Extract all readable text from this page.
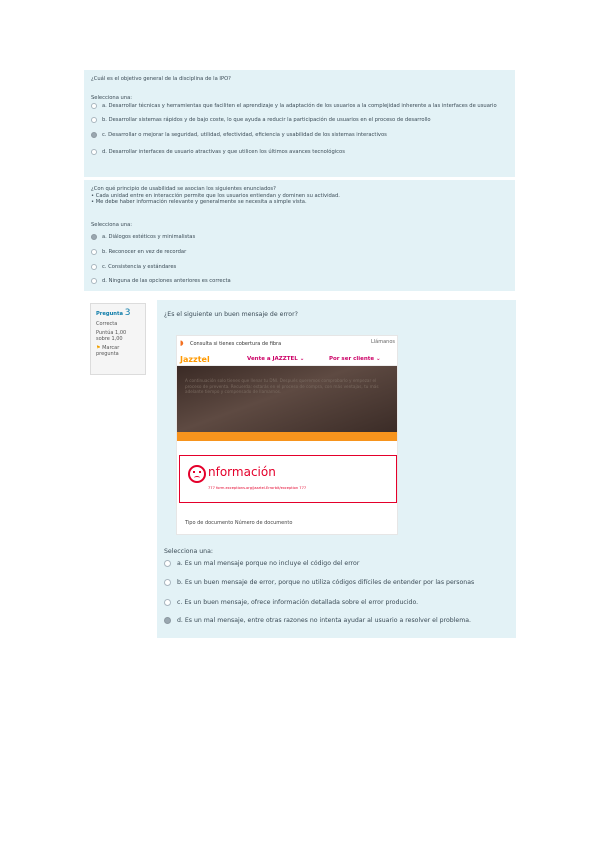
¿Cuál es el objetivo general de la disciplina de la IPO?
Selecciona una:
a. Desarrollar técnicas y herramientas que faciliten el aprendizaje y la adaptación de los usuarios a la complejidad inherente a las interfaces de usuario
b. Desarrollar sistemas rápidos y de bajo coste, lo que ayuda a reducir la participación de usuarios en el proceso de desarrollo
c. Desarrollar o mejorar la seguridad, utilidad, efectividad, eficiencia y usabilidad de los sistemas interactivos
d. Desarrollar interfaces de usuario atractivas y que utilicen los últimos avances tecnológicos
¿Con qué principio de usabilidad se asocian los siguientes enunciados?
• Cada unidad entre en interacción permite que los usuarios entiendan y dominen su actividad.
• Me debe haber información relevante y generalmente se necesita a simple vista.
Selecciona una:
a. Diálogos estéticos y minimalistas
b. Reconocer en vez de recordar
c. Consistencia y estándares
d. Ninguna de las opciones anteriores es correcta
Pregunta 3
Correcta
Puntúa 1,00
sobre 1,00
⚑ Marcar pregunta
¿Es el siguiente un buen mensaje de error?
Selecciona una:
a. Es un mal mensaje porque no incluye el código del error
b. Es un buen mensaje de error, porque no utiliza códigos difíciles de entender por las personas
c. Es un buen mensaje, ofrece información detallada sobre el error producido.
d. Es un mal mensaje, entre otras razones no intenta ayudar al usuario a resolver el problema.
◗	Consulta si tienes cobertura de fibra	Llámanos
Jazztel	Vente a JAZZTEL ⌄	Por ser cliente ⌄
A continuación solo tienes que llenar tu DNI. Después queremos comprobarlo y empezar el proceso de preventa. Recuerda: estarás en el proceso de compra, con más ventajas, tu más adelante tiempo y compensado de llamarnos.
nformación
777 form.exceptions.org/jazztel.Errorbit/exception 777
Tipo de documento Número de documento
